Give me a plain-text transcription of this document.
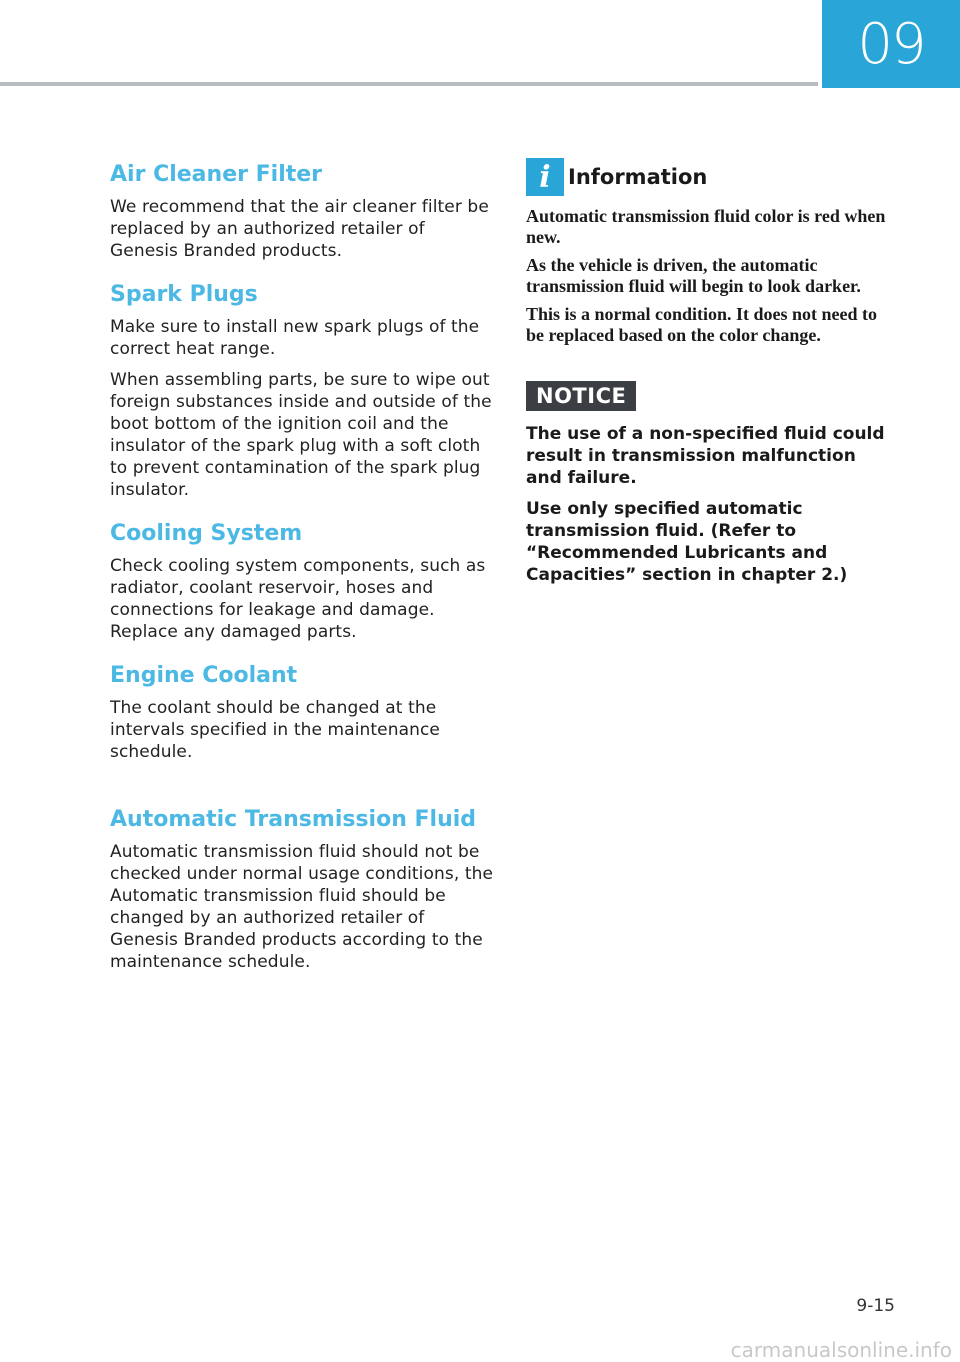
09
Air Cleaner Filter

We recommend that the air cleaner filter be replaced by an authorized retailer of Genesis Branded products.

Spark Plugs

Make sure to install new spark plugs of the correct heat range.

When assembling parts, be sure to wipe out foreign substances inside and outside of the boot bottom of the ignition coil and the insulator of the spark plug with a soft cloth to prevent contamination of the spark plug insulator.

Cooling System

Check cooling system components, such as radiator, coolant reservoir, hoses and connections for leakage and damage. Replace any damaged parts.

Engine Coolant

The coolant should be changed at the intervals specified in the maintenance schedule.

Automatic Transmission Fluid

Automatic transmission fluid should not be checked under normal usage conditions, the Automatic transmission fluid should be changed by an authorized retailer of Genesis Branded products according to the maintenance schedule.

i Information

Automatic transmission fluid color is red when new.

As the vehicle is driven, the automatic transmission fluid will begin to look darker.

This is a normal condition. It does not need to be replaced based on the color change.

NOTICE

The use of a non-specified fluid could result in transmission malfunction and failure.

Use only specified automatic transmission fluid. (Refer to “Recommended Lubricants and Capacities” section in chapter 2.)

9-15
carmanualsonline.info
